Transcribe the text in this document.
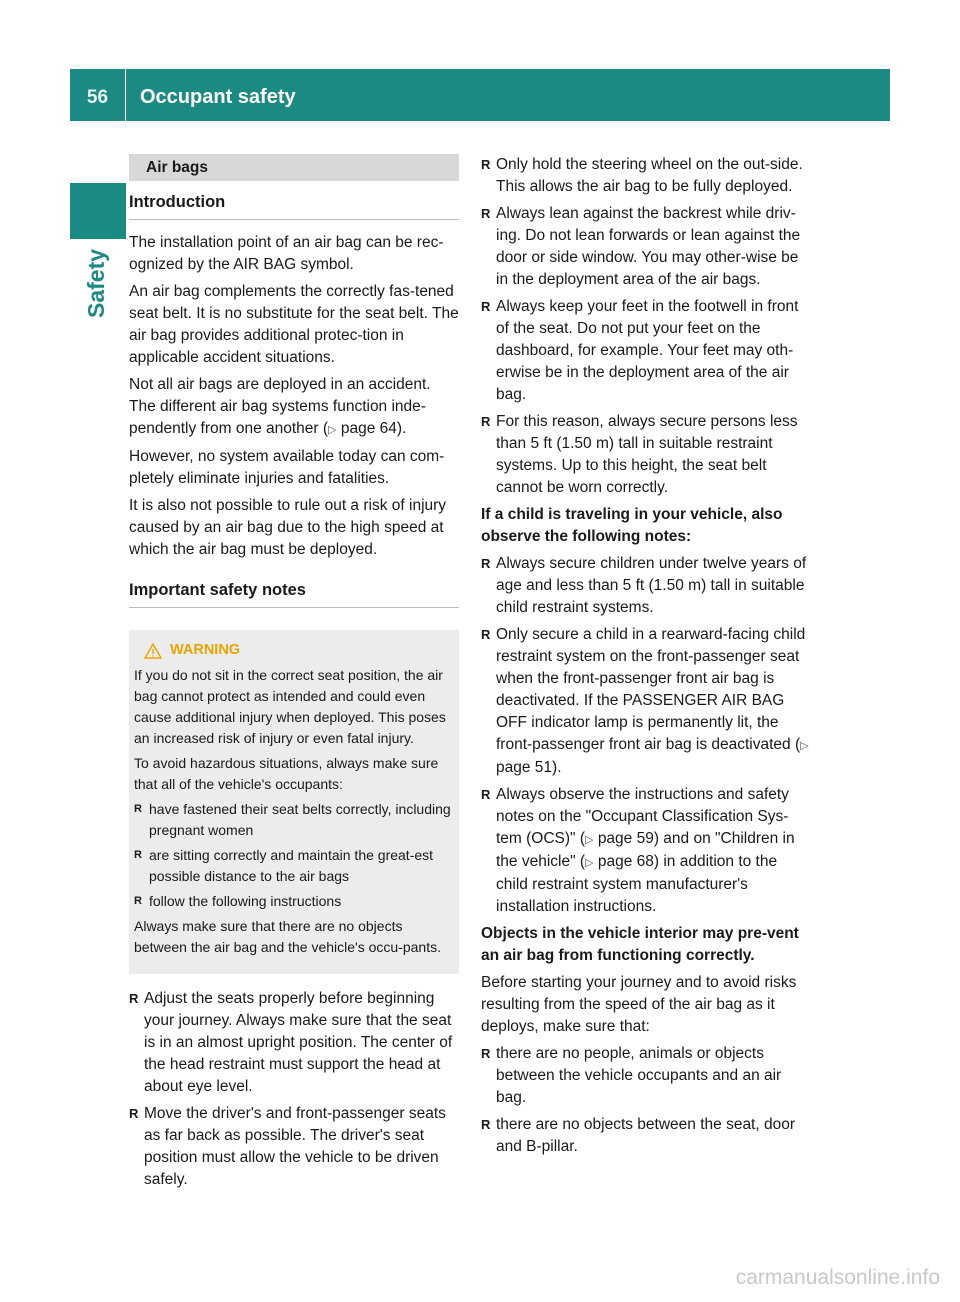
56	Occupant safety
Safety
Air bags
Introduction

The installation point of an air bag can be rec-ognized by the AIR BAG symbol.

An air bag complements the correctly fas-tened seat belt. It is no substitute for the seat belt. The air bag provides additional protec-tion in applicable accident situations.

Not all air bags are deployed in an accident. The different air bag systems function inde-pendently from one another (▷ page 64).

However, no system available today can com-pletely eliminate injuries and fatalities.

It is also not possible to rule out a risk of injury caused by an air bag due to the high speed at which the air bag must be deployed.

Important safety notes
WARNING

If you do not sit in the correct seat position, the air bag cannot protect as intended and could even cause additional injury when deployed. This poses an increased risk of injury or even fatal injury.

To avoid hazardous situations, always make sure that all of the vehicle's occupants:

R have fastened their seat belts correctly, including pregnant women
R are sitting correctly and maintain the great-est possible distance to the air bags
R follow the following instructions

Always make sure that there are no objects between the air bag and the vehicle's occu-pants.

R Adjust the seats properly before beginning your journey. Always make sure that the seat is in an almost upright position. The center of the head restraint must support the head at about eye level.
R Move the driver's and front-passenger seats as far back as possible. The driver's seat position must allow the vehicle to be driven safely.
R Only hold the steering wheel on the out-side. This allows the air bag to be fully deployed.
R Always lean against the backrest while driv-ing. Do not lean forwards or lean against the door or side window. You may other-wise be in the deployment area of the air bags.
R Always keep your feet in the footwell in front of the seat. Do not put your feet on the dashboard, for example. Your feet may oth-erwise be in the deployment area of the air bag.
R For this reason, always secure persons less than 5 ft (1.50 m) tall in suitable restraint systems. Up to this height, the seat belt cannot be worn correctly.

If a child is traveling in your vehicle, also observe the following notes:

R Always secure children under twelve years of age and less than 5 ft (1.50 m) tall in suitable child restraint systems.
R Only secure a child in a rearward-facing child restraint system on the front-passenger seat when the front-passenger front air bag is deactivated. If the PASSENGER AIR BAG OFF indicator lamp is permanently lit, the front-passenger front air bag is deactivated (▷ page 51).
R Always observe the instructions and safety notes on the "Occupant Classification Sys-tem (OCS)" (▷ page 59) and on "Children in the vehicle" (▷ page 68) in addition to the child restraint system manufacturer's installation instructions.

Objects in the vehicle interior may pre-vent an air bag from functioning correctly.

Before starting your journey and to avoid risks resulting from the speed of the air bag as it deploys, make sure that:

R there are no people, animals or objects between the vehicle occupants and an air bag.
R there are no objects between the seat, door and B-pillar.
carmanualsonline.info
